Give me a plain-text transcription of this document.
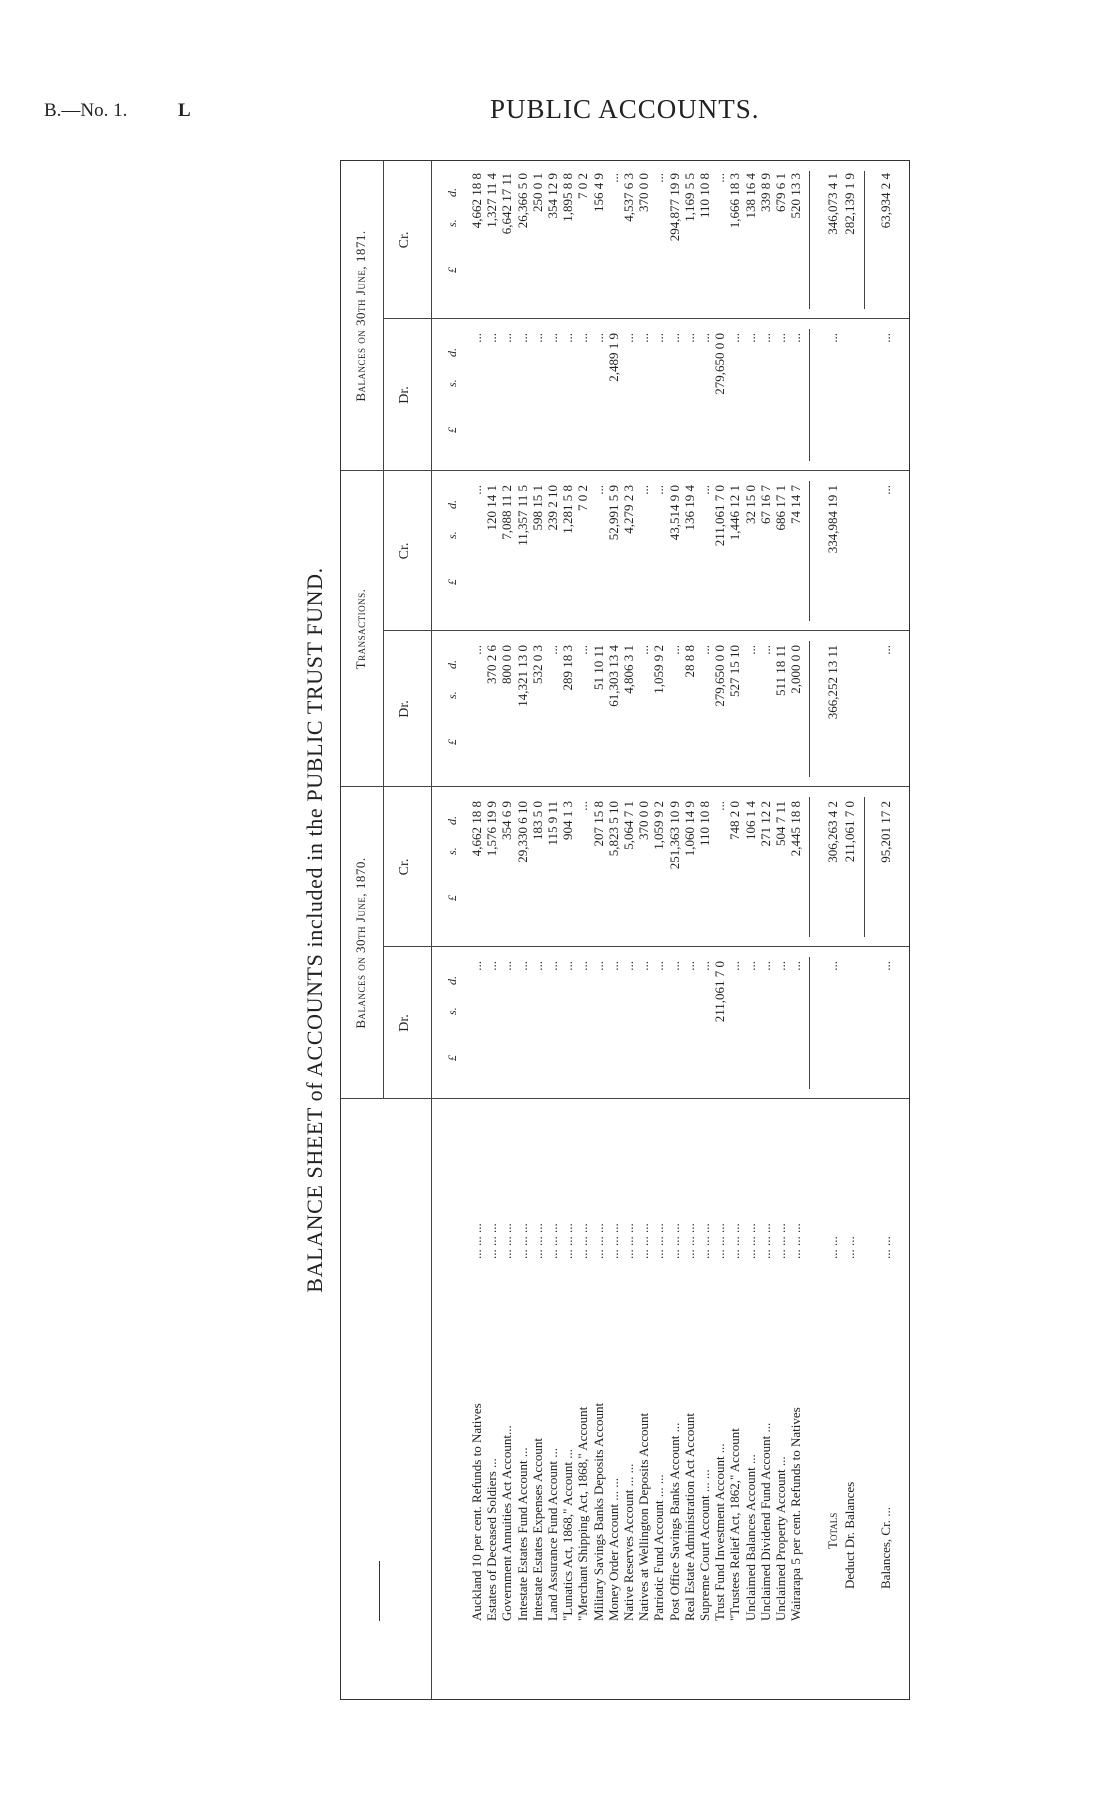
B.—No. 1.	L	PUBLIC ACCOUNTS.
BALANCE SHEET of ACCOUNTS included in the PUBLIC TRUST FUND. Balances on 30th June, 1870.
Transactions.
Balances on 30th June, 1871.
Dr.
Cr.
Dr.
Cr.
Dr.
Cr.
£
s.
d.
£
s.
d.
£
s.
d.
£
s.
d.
£
s.
d.
£
s.
d.
Auckland 10 per cent. Refunds to Natives
... ... ...
...
4,662 18 8
...
...
...
4,662 18 8
Estates of Deceased Soldiers ...
... ... ...
...
1,576 19 9
370 2 6
120 14 1
...
1,327 11 4
Government Annuities Act Account...
... ... ...
...
354 6 9
800 0 0
7,088 11 2
...
6,642 17 11
Intestate Estates Fund Account ...
... ... ...
...
29,330 6 10
14,321 13 0
11,357 11 5
...
26,366 5 0
Intestate Estates Expenses Account
... ... ...
...
183 5 0
532 0 3
598 15 1
...
250 0 1
Land Assurance Fund Account ...
... ... ...
...
115 9 11
...
239 2 10
...
354 12 9
"Lunatics Act, 1868," Account ...
... ... ...
...
904 1 3
289 18 3
1,281 5 8
...
1,895 8 8
"Merchant Shipping Act, 1868," Account
... ... ...
...
...
...
7 0 2
...
7 0 2
Military Savings Banks Deposits Account
... ... ...
...
207 15 8
51 10 11
...
...
156 4 9
Money Order Account ... ...
... ... ...
...
5,823 5 10
61,303 13 4
52,991 5 9
2,489 1 9
...
Native Reserves Account ... ...
... ... ...
...
5,064 7 1
4,806 3 1
4,279 2 3
...
4,537 6 3
Natives at Wellington Deposits Account
... ... ...
...
370 0 0
...
...
...
370 0 0
Patriotic Fund Account ... ...
... ... ...
...
1,059 9 2
1,059 9 2
...
...
...
Post Office Savings Banks Account ...
... ... ...
...
251,363 10 9
...
43,514 9 0
...
294,877 19 9
Real Estate Administration Act Account
... ... ...
...
1,060 14 9
28 8 8
136 19 4
...
1,169 5 5
Supreme Court Account ... ...
... ... ...
...
110 10 8
...
...
...
110 10 8
Trust Fund Investment Account ...
... ... ...
211,061 7 0
...
279,650 0 0
211,061 7 0
279,650 0 0
...
"Trustees Relief Act, 1862," Account
... ... ...
...
748 2 0
527 15 10
1,446 12 1
...
1,666 18 3
Unclaimed Balances Account ...
... ... ...
...
106 1 4
...
32 15 0
...
138 16 4
Unclaimed Dividend Fund Account ...
... ... ...
...
271 12 2
...
67 16 7
...
339 8 9
Unclaimed Property Account ...
... ... ...
...
504 7 11
511 18 11
686 17 1
...
679 6 1
Wairarapa 5 per cent. Refunds to Natives
... ... ...
...
2,445 18 8
2,000 0 0
74 14 7
...
520 13 3
Totals
... ...
...
306,263 4 2
366,252 13 11
334,984 19 1
...
346,073 4 1
Deduct Dr. Balances
... ...
211,061 7 0
282,139 1 9
Balances, Cr. ...
... ...
...
95,201 17 2
...
...
...
63,934 2 4
